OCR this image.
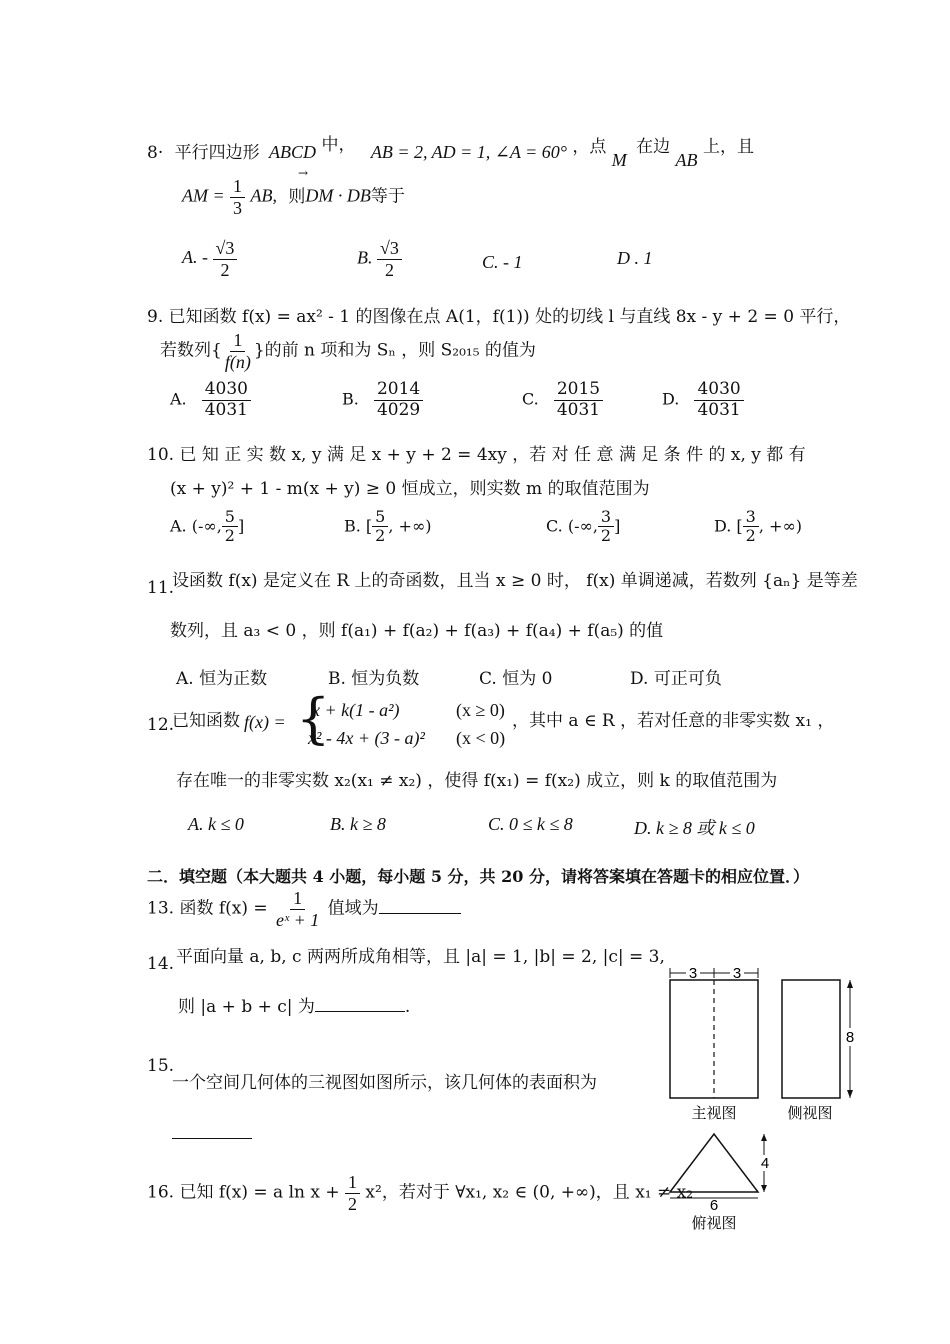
8· 平行四边形 ABCD 中， AB = 2, AD = 1, ∠A = 60° ，点 M 在边 AB 上，且
AM = $\frac{1}{3}$ AB, 则DM · DB等于
→
A. - $\frac{√3}{2}$	B. $\frac{√3}{2}$	C. - 1	D . 1
9. 已知函数 f(x) = ax² - 1 的图像在点 A(1，f(1)) 处的切线 l 与直线 8x - y + 2 = 0 平行，
若数列{ $\frac{1}{f(n)}$ }的前 n 项和为 Sₙ ，则 S₂₀₁₅ 的值为
A. $\frac{4030}{4031}$	B. $\frac{2014}{4029}$	C. $\frac{2015}{4031}$	D. $\frac{4030}{4031}$
10. 已 知 正 实 数 x, y 满 足 x + y + 2 = 4xy ，若 对 任 意 满 足 条 件 的 x, y 都 有
(x + y)² + 1 - m(x + y) ≥ 0 恒成立，则实数 m 的取值范围为
A. (-∞, $\frac{5}{2}$ ]	B. [ $\frac{5}{2}$ , +∞)	C. (-∞, $\frac{3}{2}$ ]	D. [ $\frac{3}{2}$ , +∞)
11.
设函数 f(x) 是定义在 R 上的奇函数，且当 x ≥ 0 时， f(x) 单调递减，若数列 {aₙ} 是等差
数列，且 a₃ < 0 ，则 f(a₁) + f(a₂) + f(a₃) + f(a₄) + f(a₅) 的值
A. 恒为正数	B. 恒为负数	C. 恒为 0	D. 可正可负
12.
已知函数 f(x) = {
x + k(1 - a²)	(x ≥ 0)
x² - 4x + (3 - a)² (x < 0)
，其中 a ∈ R ，若对任意的非零实数 x₁ ，
存在唯一的非零实数 x₂(x₁ ≠ x₂) ，使得 f(x₁) = f(x₂) 成立，则 k 的取值范围为
A. k ≤ 0	B. k ≥ 8	C. 0 ≤ k ≤ 8	D. k ≥ 8 或 k ≤ 0
二．填空题（本大题共 4 小题，每小题 5 分，共 20 分，请将答案填在答题卡的相应位置．）
13. 函数 $f(x) = \frac{1}{\text{eˣ + 1}}$ 值域为
14. 平面向量 a, b, c 两两所成角相等，且 |a| = 1, |b| = 2, |c| = 3,
则 |a + b + c| 为	.
15.
一个空间几何体的三视图如图所示，该几何体的表面积为
16. 已知 f(x) = a $\ln x + \frac{1}{2} x^2$，若对于 ∀x₁, x₂ ∈ (0, +∞)，且 x₁ ≠ x₂
3 3
主视图
8
侧视图
4
6
俯视图
